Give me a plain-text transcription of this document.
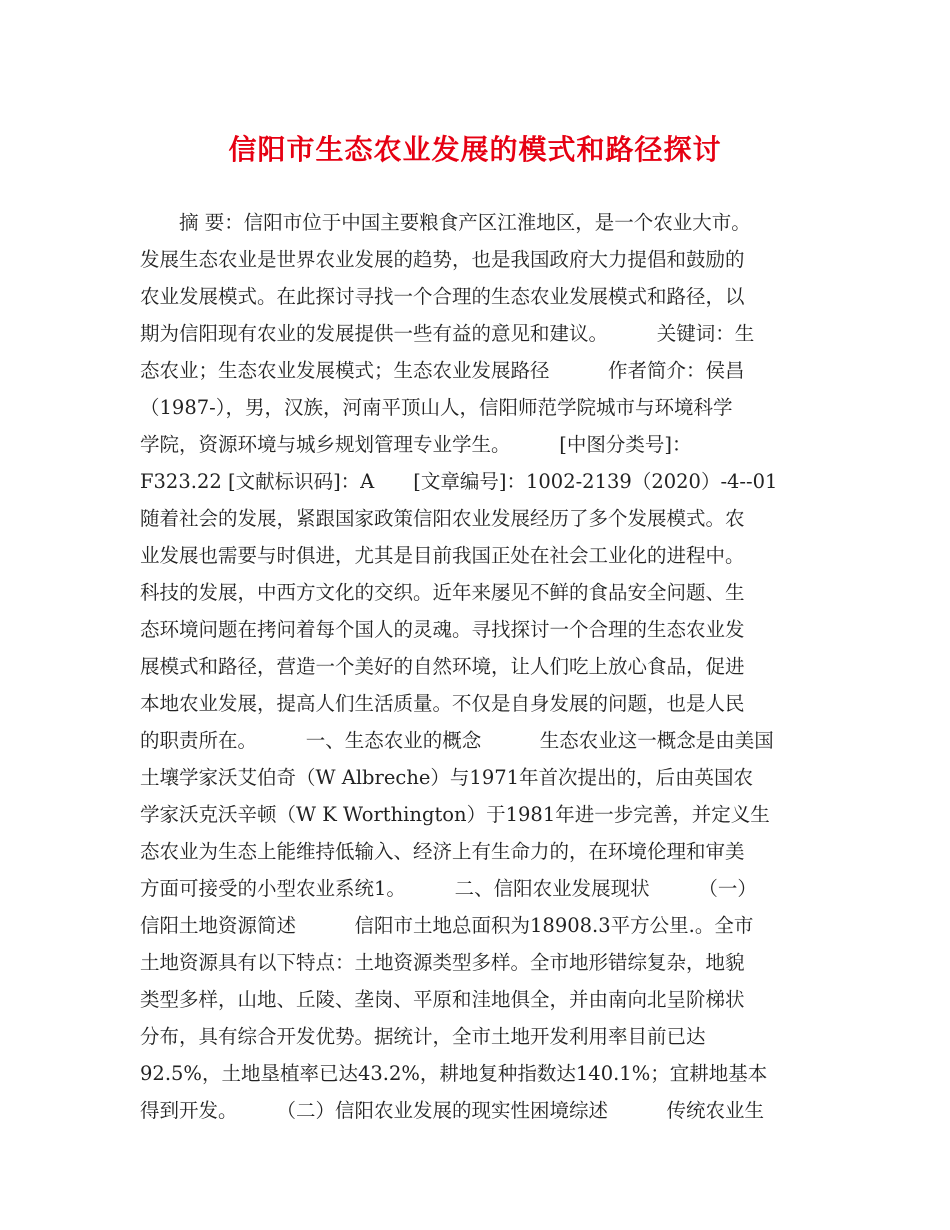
信阳市生态农业发展的模式和路径探讨
　　摘 要：信阳市位于中国主要粮食产区江淮地区，是一个农业大市。
发展生态农业是世界农业发展的趋势，也是我国政府大力提倡和鼓励的
农业发展模式。在此探讨寻找一个合理的生态农业发展模式和路径，以
期为信阳现有农业的发展提供一些有益的意见和建议。　　　关键词：生
态农业；生态农业发展模式；生态农业发展路径　　　作者简介：侯昌
（1987-），男，汉族，河南平顶山人，信阳师范学院城市与环境科学
学院，资源环境与城乡规划管理专业学生。　　　[中图分类号]：
F323.22 [文献标识码]：A　　[文章编号]：1002-2139（2020）-4--01
随着社会的发展，紧跟国家政策信阳农业发展经历了多个发展模式。农
业发展也需要与时俱进，尤其是目前我国正处在社会工业化的进程中。
科技的发展，中西方文化的交织。近年来屡见不鲜的食品安全问题、生
态环境问题在拷问着每个国人的灵魂。寻找探讨一个合理的生态农业发
展模式和路径，营造一个美好的自然环境，让人们吃上放心食品，促进
本地农业发展，提高人们生活质量。不仅是自身发展的问题，也是人民
的职责所在。　　　一、生态农业的概念　　　生态农业这一概念是由美国
土壤学家沃艾伯奇（W Albreche）与1971年首次提出的，后由英国农
学家沃克沃辛顿（W K Worthington）于1981年进一步完善，并定义生
态农业为生态上能维持低输入、经济上有生命力的，在环境伦理和审美
方面可接受的小型农业系统1。　　　二、信阳农业发展现状　　　（一）
信阳土地资源简述　　　信阳市土地总面积为18908.3平方公里.。全市
土地资源具有以下特点：土地资源类型多样。全市地形错综复杂，地貌
类型多样，山地、丘陵、垄岗、平原和洼地俱全，并由南向北呈阶梯状
分布，具有综合开发优势。据统计，全市土地开发利用率目前已达
92.5%，土地垦植率已达43.2%，耕地复种指数达140.1%；宜耕地基本
得到开发。　　　（二）信阳农业发展的现实性困境综述　　　传统农业生
